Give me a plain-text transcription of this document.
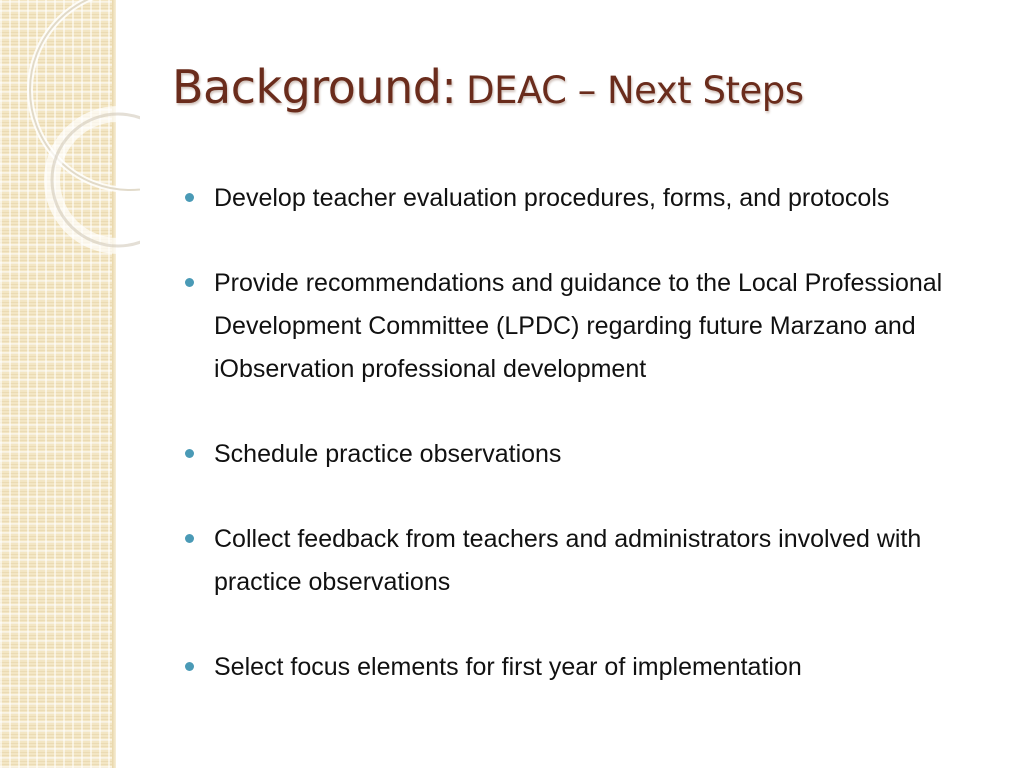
Background: DEAC – Next Steps
Develop teacher evaluation procedures, forms, and protocols
Provide recommendations and guidance to the Local Professional Development Committee (LPDC) regarding future Marzano and iObservation professional development
Schedule practice observations
Collect feedback from teachers and administrators involved with practice observations
Select focus elements for first year of implementation
